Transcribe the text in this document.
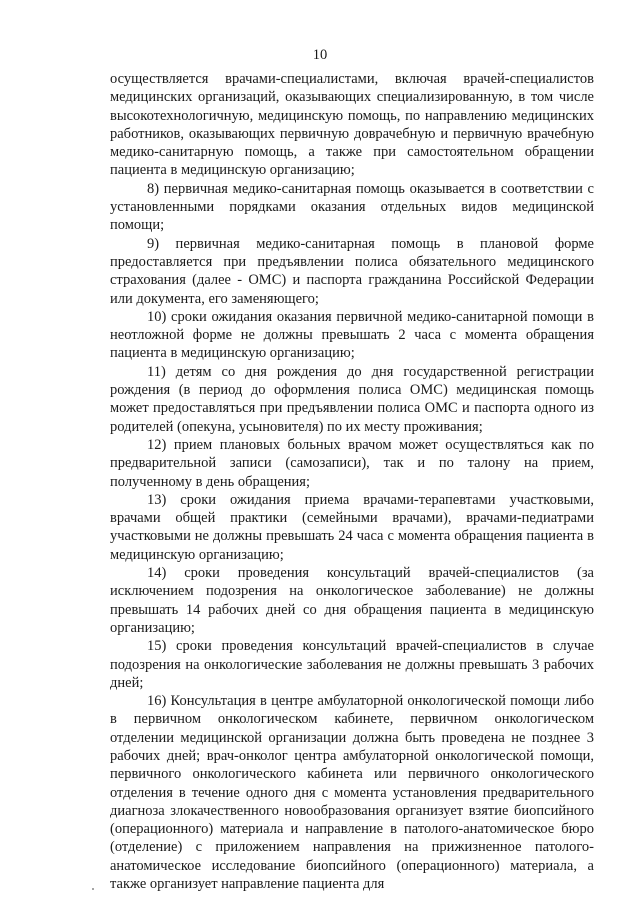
10

осуществляется врачами-специалистами, включая врачей-специалистов медицинских организаций, оказывающих специализированную, в том числе высокотехнологичную, медицинскую помощь, по направлению медицинских работников, оказывающих первичную доврачебную и первичную врачебную медико-санитарную помощь, а также при самостоятельном обращении пациента в медицинскую организацию;

8) первичная медико-санитарная помощь оказывается в соответствии с установленными порядками оказания отдельных видов медицинской помощи;

9) первичная медико-санитарная помощь в плановой форме предоставляется при предъявлении полиса обязательного медицинского страхования (далее - ОМС) и паспорта гражданина Российской Федерации или документа, его заменяющего;

10) сроки ожидания оказания первичной медико-санитарной помощи в неотложной форме не должны превышать 2 часа с момента обращения пациента в медицинскую организацию;

11) детям со дня рождения до дня государственной регистрации рождения (в период до оформления полиса ОМС) медицинская помощь может предоставляться при предъявлении полиса ОМС и паспорта одного из родителей (опекуна, усыновителя) по их месту проживания;

12) прием плановых больных врачом может осуществляться как по предварительной записи (самозаписи), так и по талону на прием, полученному в день обращения;

13) сроки ожидания приема врачами-терапевтами участковыми, врачами общей практики (семейными врачами), врачами-педиатрами участковыми не должны превышать 24 часа с момента обращения пациента в медицинскую организацию;

14) сроки проведения консультаций врачей-специалистов (за исключением подозрения на онкологическое заболевание) не должны превышать 14 рабочих дней со дня обращения пациента в медицинскую организацию;

15) сроки проведения консультаций врачей-специалистов в случае подозрения на онкологические заболевания не должны превышать 3 рабочих дней;

16) Консультация в центре амбулаторной онкологической помощи либо в первичном онкологическом кабинете, первичном онкологическом отделении медицинской организации должна быть проведена не позднее 3 рабочих дней; врач-онколог центра амбулаторной онкологической помощи, первичного онкологического кабинета или первичного онкологического отделения в течение одного дня с момента установления предварительного диагноза злокачественного новообразования организует взятие биопсийного (операционного) материала и направление в патолого-анатомическое бюро (отделение) с приложением направления на прижизненное патолого-анатомическое исследование биопсийного (операционного) материала, а также организует направление пациента для
